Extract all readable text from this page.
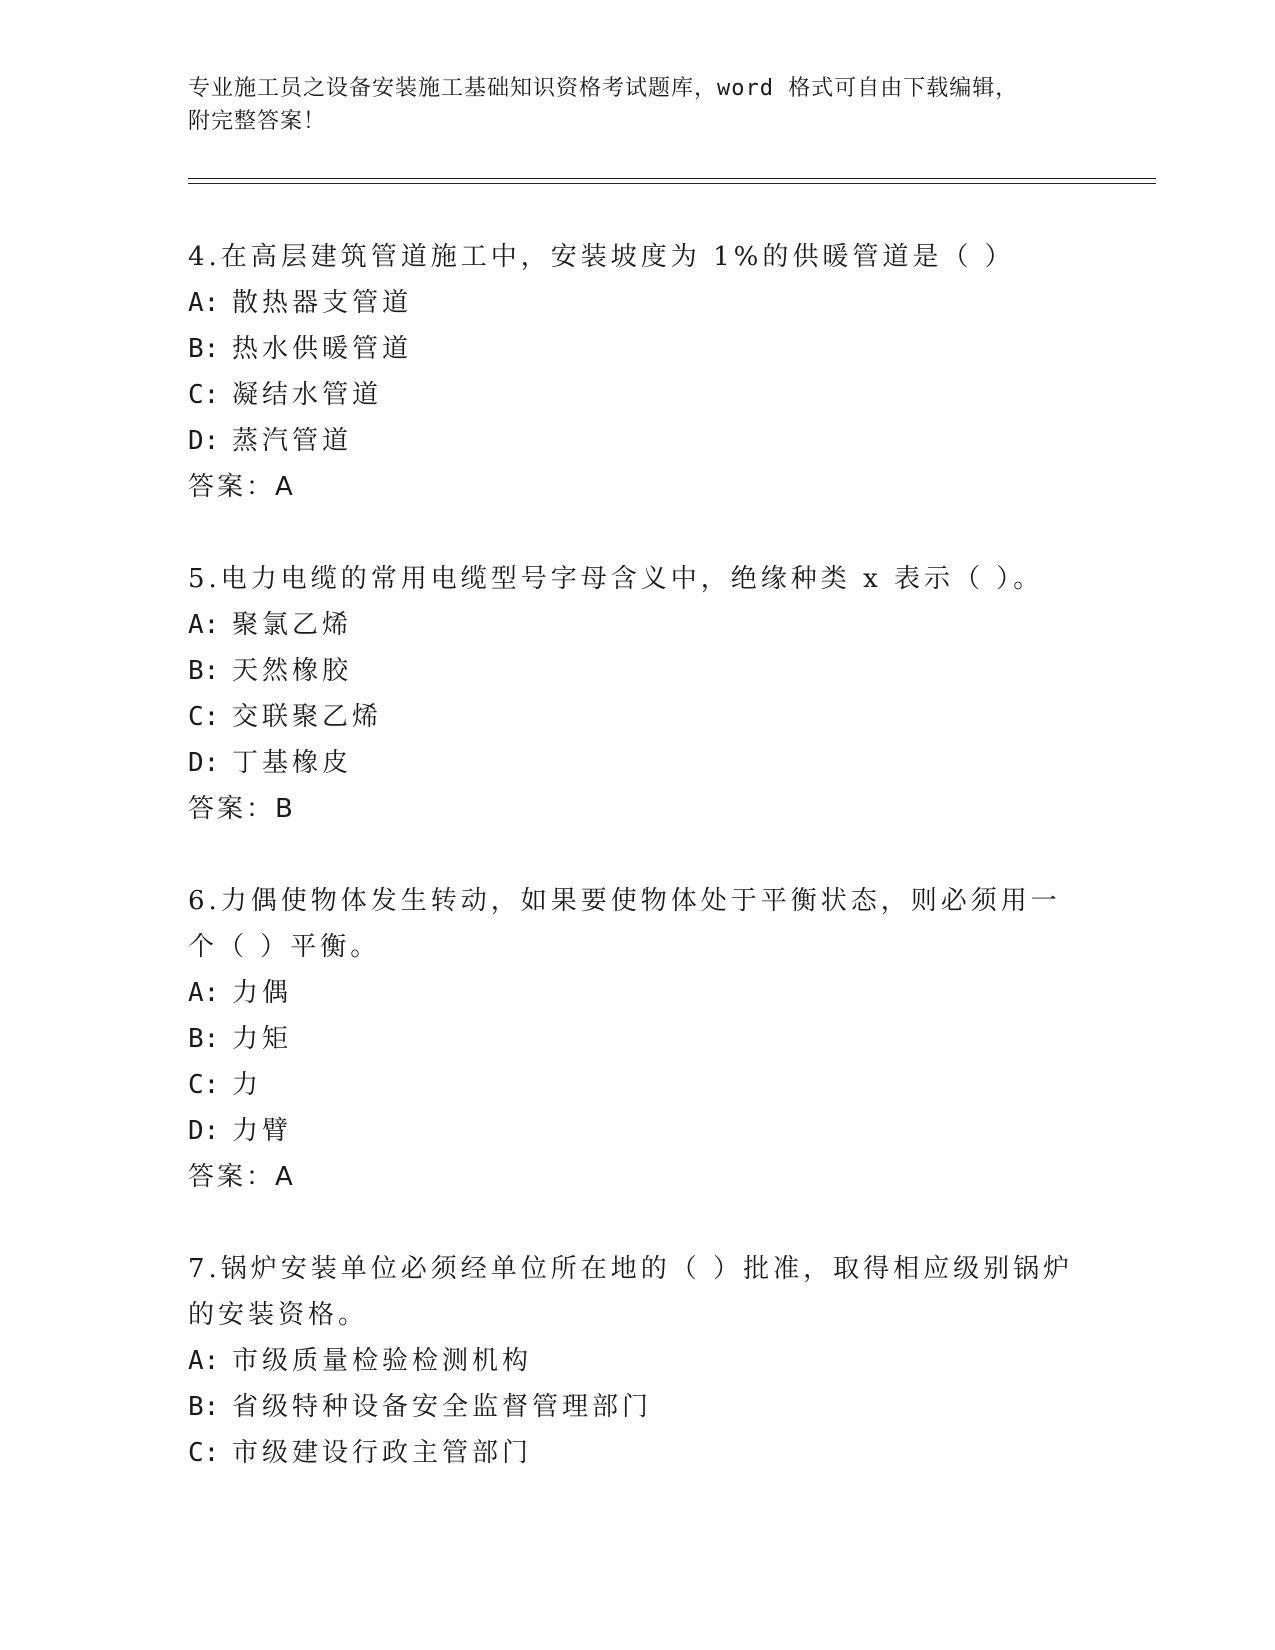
专业施工员之设备安装施工基础知识资格考试题库，word 格式可自由下载编辑，
附完整答案！

4.在高层建筑管道施工中，安装坡度为 1%的供暖管道是（ ）

A: 散热器支管道
B: 热水供暖管道
C: 凝结水管道
D: 蒸汽管道

答案：A

5.电力电缆的常用电缆型号字母含义中，绝缘种类 x 表示（ ）。

A: 聚氯乙烯
B: 天然橡胶
C: 交联聚乙烯
D: 丁基橡皮

答案：B

6.力偶使物体发生转动，如果要使物体处于平衡状态，则必须用一个（ ）平衡。

A: 力偶
B: 力矩
C: 力
D: 力臂

答案：A

7.锅炉安装单位必须经单位所在地的（ ）批准，取得相应级别锅炉的安装资格。

A: 市级质量检验检测机构
B: 省级特种设备安全监督管理部门
C: 市级建设行政主管部门
